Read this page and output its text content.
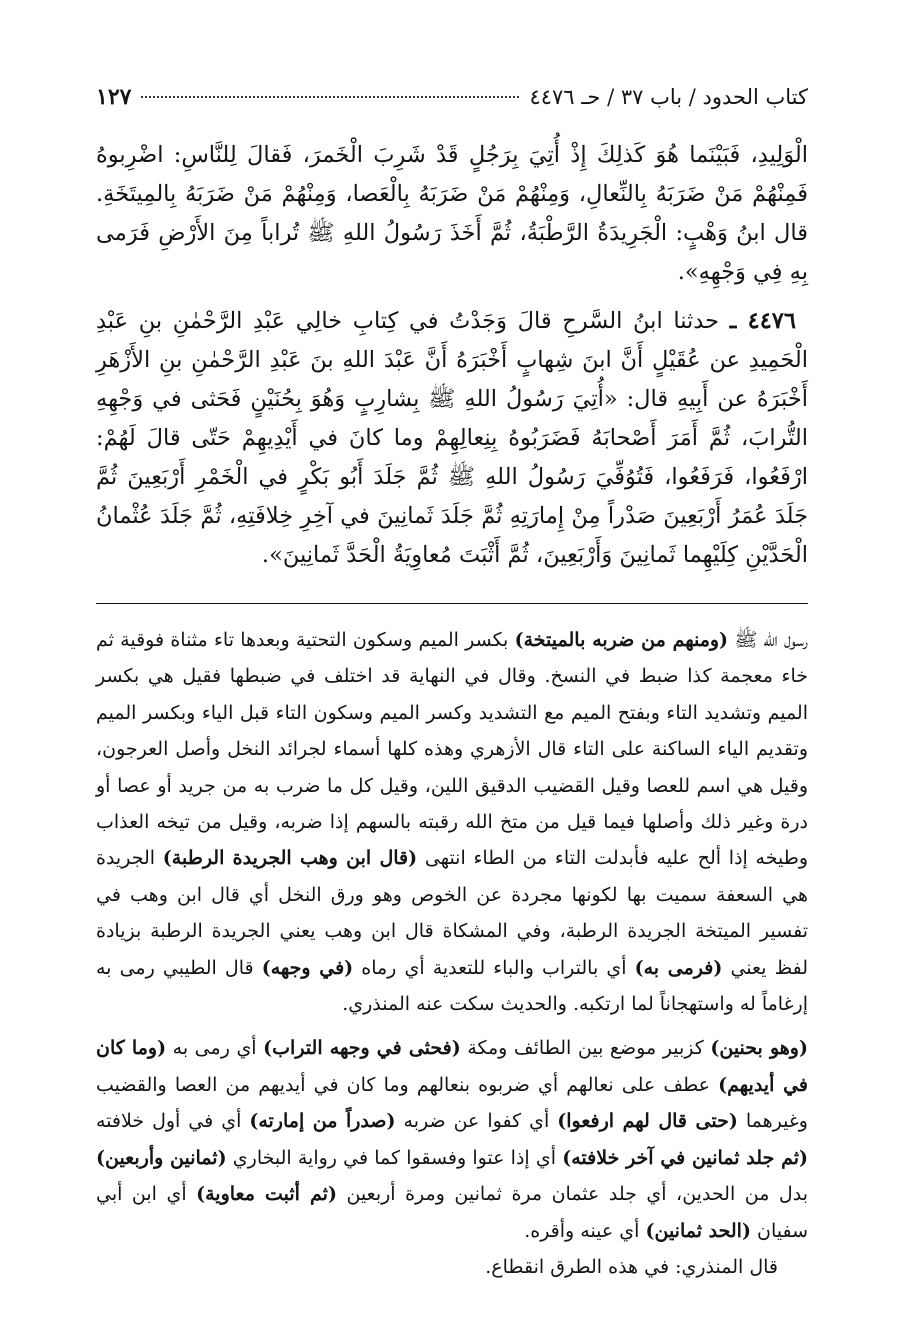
كتاب الحدود / باب ٣٧ / حـ ٤٤٧٦
١٢٧

الْوَلِيدِ، فَبَيْنَما هُوَ كَذلِكَ إِذْ أُتِيَ بِرَجُلٍ قَدْ شَرِبَ الْخَمرَ، فَقالَ لِلنَّاسِ: اضْرِبوهُ فَمِنْهُمْ مَنْ ضَرَبَهُ بِالنِّعالِ، وَمِنْهُمْ مَنْ ضَرَبَهُ بِالْعَصا، وَمِنْهُمْ مَنْ ضَرَبَهُ بِالمِيتَخَةِ. قال ابنُ وَهْبٍ: الْجَرِيدَةُ الرَّطْبَةُ، ثُمَّ أَخَذَ رَسُولُ اللهِ ﷺ تُراباً مِنَ الأَرْضِ فَرَمى بِهِ فِي وَجْهِهِ».

٤٤٧٦ ـ حدثنا ابنُ السَّرحِ قالَ وَجَدْتُ في كِتابِ خالِي عَبْدِ الرَّحْمٰنِ بنِ عَبْدِ الْحَمِيدِ عن عُقَيْلٍ أَنَّ ابنَ شِهابٍ أَخْبَرَهُ أَنَّ عَبْدَ اللهِ بنَ عَبْدِ الرَّحْمٰنِ بنِ الأَزْهَرِ أَخْبَرَهُ عن أَبِيهِ قال: «أُتِيَ رَسُولُ اللهِ ﷺ بِشارِبٍ وَهُوَ بِحُنَيْنٍ فَحَثى في وَجْهِهِ التُّرابَ، ثُمَّ أَمَرَ أَصْحابَهُ فَضَرَبُوهُ بِنِعالِهِمْ وما كانَ في أَيْدِيهِمْ حَتّى قالَ لَهُمْ: ارْفَعُوا، فَرَفَعُوا، فَتُوُفِّيَ رَسُولُ اللهِ ﷺ ثُمَّ جَلَدَ أَبُو بَكْرٍ في الْخَمْرِ أَرْبَعِينَ ثُمَّ جَلَدَ عُمَرُ أَرْبَعِينَ صَدْراً مِنْ إِمارَتِهِ ثُمَّ جَلَدَ ثَمانِينَ في آخِرِ خِلافَتِهِ، ثُمَّ جَلَدَ عُثْمانُ الْحَدَّيْنِ كِلَيْهِما ثَمانِينَ وَأَرْبَعِينَ، ثُمَّ أَثْبَتَ مُعاوِيَةُ الْحَدَّ ثَمانِينَ».

رسول الله ﷺ (ومنهم من ضربه بالميتخة) بكسر الميم وسكون التحتية وبعدها تاء مثناة فوقية ثم خاء معجمة كذا ضبط في النسخ. وقال في النهاية قد اختلف في ضبطها فقيل هي بكسر الميم وتشديد التاء وبفتح الميم مع التشديد وكسر الميم وسكون التاء قبل الياء وبكسر الميم وتقديم الياء الساكنة على التاء قال الأزهري وهذه كلها أسماء لجرائد النخل وأصل العرجون، وقيل هي اسم للعصا وقيل القضيب الدقيق اللين، وقيل كل ما ضرب به من جريد أو عصا أو درة وغير ذلك وأصلها فيما قيل من متخ الله رقبته بالسهم إذا ضربه، وقيل من تيخه العذاب وطيخه إذا ألح عليه فأبدلت التاء من الطاء انتهى (قال ابن وهب الجريدة الرطبة) الجريدة هي السعفة سميت بها لكونها مجردة عن الخوص وهو ورق النخل أي قال ابن وهب في تفسير الميتخة الجريدة الرطبة، وفي المشكاة قال ابن وهب يعني الجريدة الرطبة بزيادة لفظ يعني (فرمى به) أي بالتراب والباء للتعدية أي رماه (في وجهه) قال الطيبي رمى به إرغاماً له واستهجاناً لما ارتكبه. والحديث سكت عنه المنذري.

(وهو بحنين) كزبير موضع بين الطائف ومكة (فحثى في وجهه التراب) أي رمى به (وما كان في أيديهم) عطف على نعالهم أي ضربوه بنعالهم وما كان في أيديهم من العصا والقضيب وغيرهما (حتى قال لهم ارفعوا) أي كفوا عن ضربه (صدراً من إمارته) أي في أول خلافته (ثم جلد ثمانين في آخر خلافته) أي إذا عتوا وفسقوا كما في رواية البخاري (ثمانين وأربعين) بدل من الحدين، أي جلد عثمان مرة ثمانين ومرة أربعين (ثم أثبت معاوية) أي ابن أبي سفيان (الحد ثمانين) أي عينه وأقره.

قال المنذري: في هذه الطرق انقطاع.
